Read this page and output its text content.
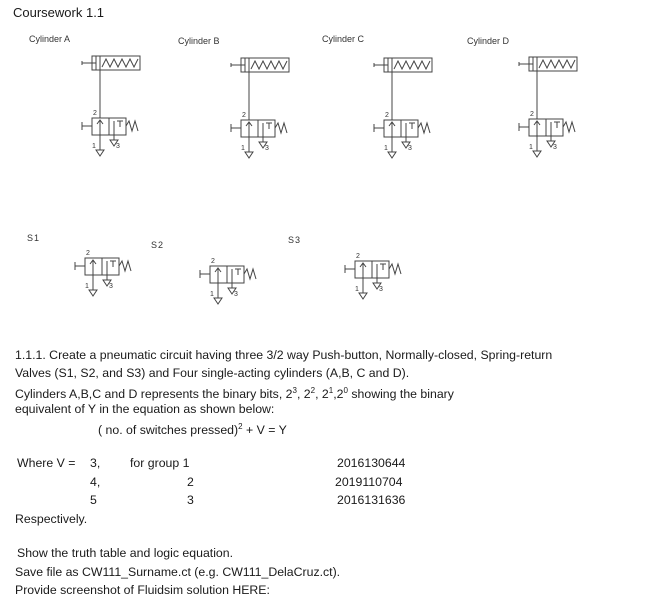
Coursework 1.1
Cylinder A	Cylinder B	Cylinder C	Cylinder D
S1
S2	S3
2
1	3
2
1	3
2
1	3
2
1	3
2
1	3
2
1	3
2
1	3
1.1.1. Create a pneumatic circuit having three 3/2 way Push-button, Normally-closed, Spring-return
Valves (S1, S2, and S3) and Four single-acting cylinders (A,B, C and D).
Cylinders A,B,C and D represents the binary bits, $2^3$, $2^2$, $2^1,2^0$ showing the binary
equivalent of Y in the equation as shown below:
( no. of switches pressed)$^2$ + V = Y
Where V = 3, for group 1	2016130644
4,	2	2019110704
5	3	2016131636
Respectively.
Show the truth table and logic equation.
Save file as CW111_Surname.ct (e.g. CW111_DelaCruz.ct).
Provide screenshot of Fluidsim solution HERE:
